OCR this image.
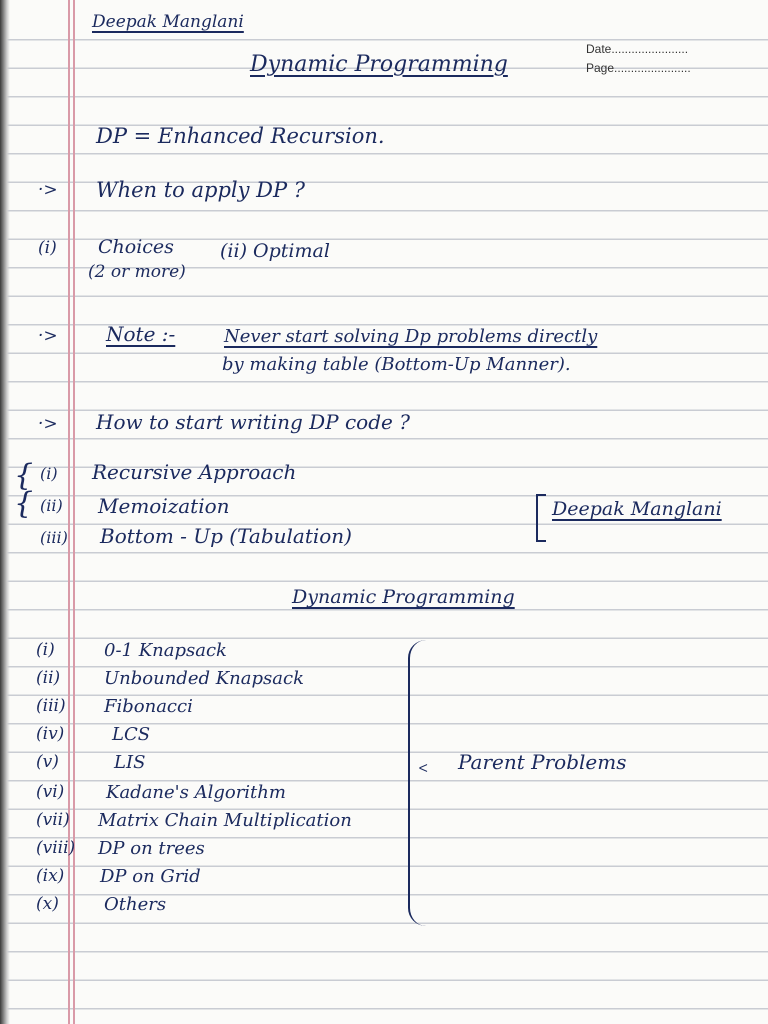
Date.......................
Page.......................
Deepak Manglani
Dynamic Programming
DP = Enhanced Recursion.
·> When to apply DP ?
(i) Choices
(2 or more)
(ii) Optimal
·> Note :-	Never start solving Dp problems directly
by making table (Bottom-Up Manner).
·> How to start writing DP code ?
{
{
(i) Recursive Approach
(ii) Memoization
(iii) Bottom - Up (Tabulation)
Deepak Manglani
Dynamic Programming
(i)	0-1 Knapsack
(ii) Unbounded Knapsack
(iii) Fibonacci
(iv)	LCS
(v)	LIS
(vi) Kadane's Algorithm
(vii) Matrix Chain Multiplication
(viii) DP on trees
(ix) DP on Grid
(x)	Others
ᑉ Parent Problems
